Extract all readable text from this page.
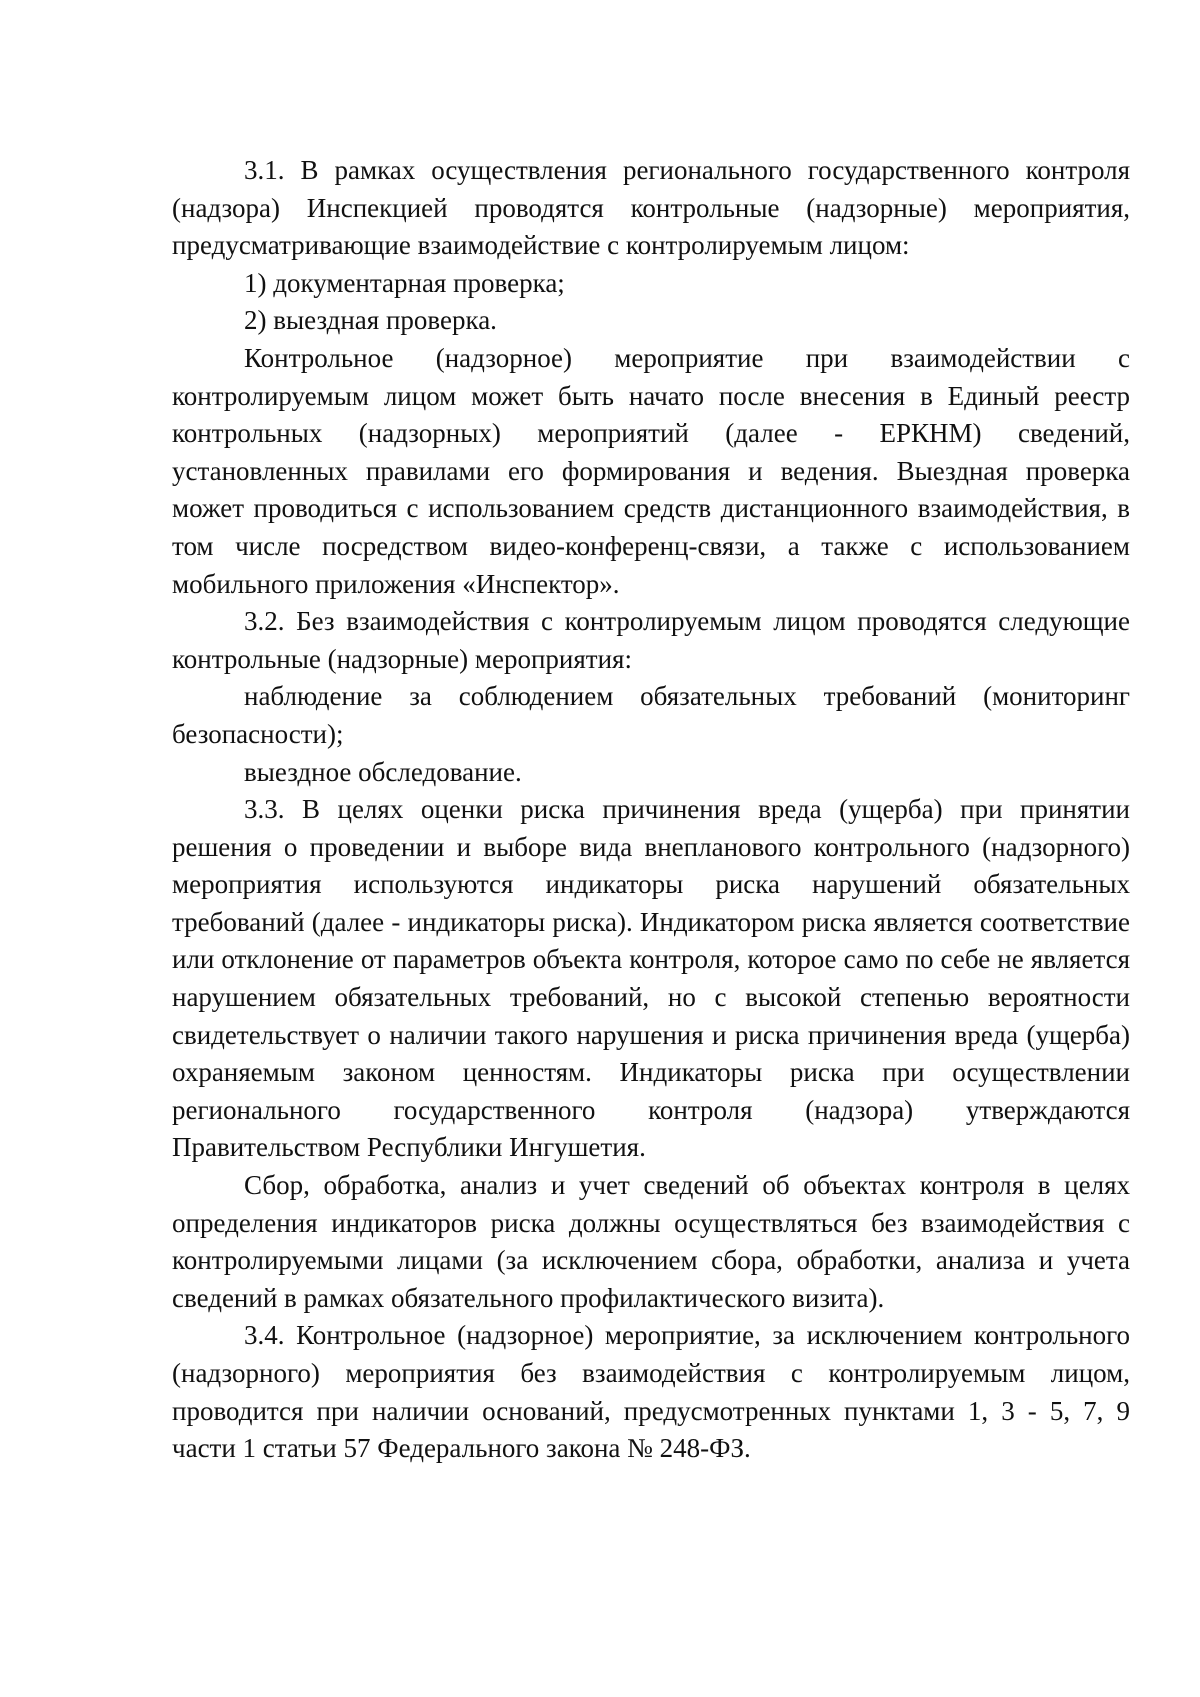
3.1. В рамках осуществления регионального государственного контроля (надзора) Инспекцией проводятся контрольные (надзорные) мероприятия, предусматривающие взаимодействие с контролируемым лицом:

1) документарная проверка;

2) выездная проверка.

Контрольное (надзорное) мероприятие при взаимодействии с контролируемым лицом может быть начато после внесения в Единый реестр контрольных (надзорных) мероприятий (далее - ЕРКНМ) сведений, установленных правилами его формирования и ведения. Выездная проверка может проводиться с использованием средств дистанционного взаимодействия, в том числе посредством видео-конференц-связи, а также с использованием мобильного приложения «Инспектор».

3.2. Без взаимодействия с контролируемым лицом проводятся следующие контрольные (надзорные) мероприятия:

наблюдение за соблюдением обязательных требований (мониторинг безопасности);

выездное обследование.

3.3. В целях оценки риска причинения вреда (ущерба) при принятии решения о проведении и выборе вида внепланового контрольного (надзорного) мероприятия используются индикаторы риска нарушений обязательных требований (далее - индикаторы риска). Индикатором риска является соответствие или отклонение от параметров объекта контроля, которое само по себе не является нарушением обязательных требований, но с высокой степенью вероятности свидетельствует о наличии такого нарушения и риска причинения вреда (ущерба) охраняемым законом ценностям. Индикаторы риска при осуществлении регионального государственного контроля (надзора) утверждаются Правительством Республики Ингушетия.

Сбор, обработка, анализ и учет сведений об объектах контроля в целях определения индикаторов риска должны осуществляться без взаимодействия с контролируемыми лицами (за исключением сбора, обработки, анализа и учета сведений в рамках обязательного профилактического визита).

3.4. Контрольное (надзорное) мероприятие, за исключением контрольного (надзорного) мероприятия без взаимодействия с контролируемым лицом, проводится при наличии оснований, предусмотренных пунктами 1, 3 - 5, 7, 9 части 1 статьи 57 Федерального закона № 248-ФЗ.
